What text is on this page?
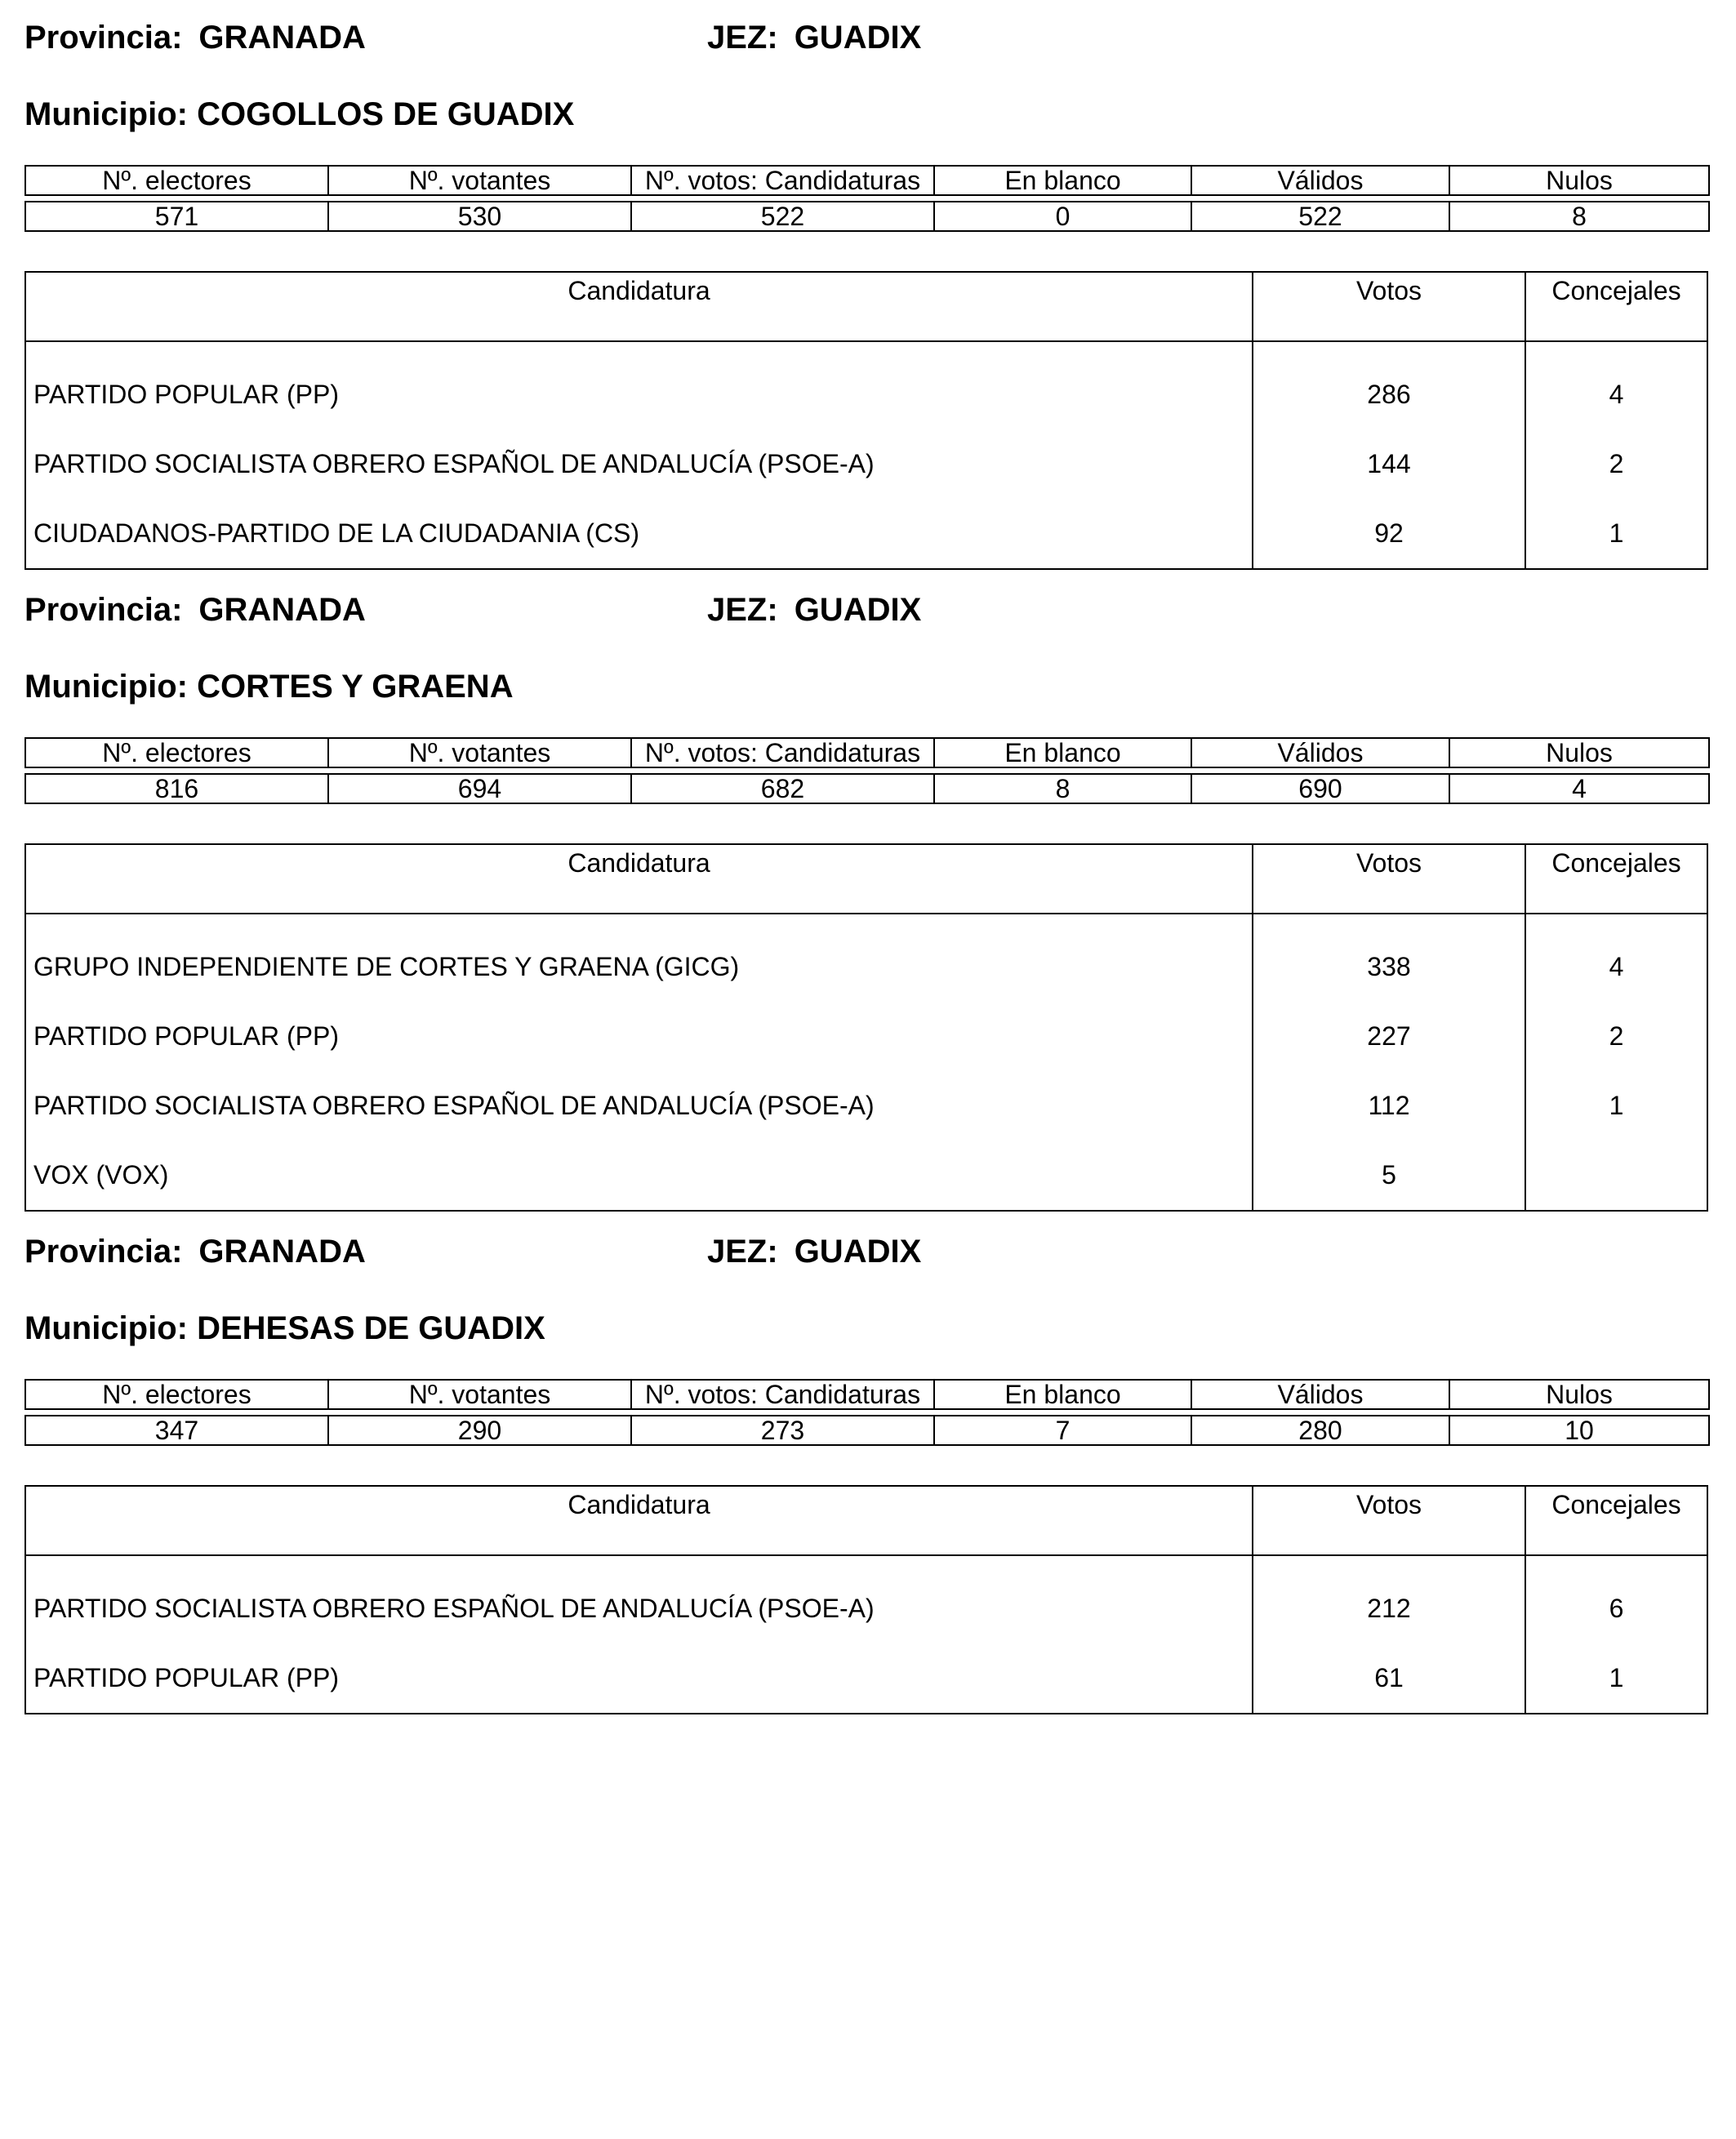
Provincia: GRANADA	JEZ: GUADIX
Municipio: COGOLLOS DE GUADIX
Nº. electores	Nº. votantes	Nº. votos: Candidaturas	En blanco	Válidos	Nulos

571	530	522	0	522	8
Candidatura	Votos	Concejales
PARTIDO POPULAR (PP)	286	4
PARTIDO SOCIALISTA OBRERO ESPAÑOL DE ANDALUCÍA (PSOE-A)	144	2
CIUDADANOS-PARTIDO DE LA CIUDADANIA (CS)	92	1
Provincia: GRANADA	JEZ: GUADIX
Municipio: CORTES Y GRAENA
Nº. electores	Nº. votantes	Nº. votos: Candidaturas	En blanco	Válidos	Nulos

816	694	682	8	690	4
Candidatura	Votos	Concejales
GRUPO INDEPENDIENTE DE CORTES Y GRAENA (GICG)	338	4
PARTIDO POPULAR (PP)	227	2
PARTIDO SOCIALISTA OBRERO ESPAÑOL DE ANDALUCÍA (PSOE-A)	112	1
VOX (VOX)	5	
Provincia: GRANADA	JEZ: GUADIX
Municipio: DEHESAS DE GUADIX
Nº. electores	Nº. votantes	Nº. votos: Candidaturas	En blanco	Válidos	Nulos

347	290	273	7	280	10
Candidatura	Votos	Concejales
PARTIDO SOCIALISTA OBRERO ESPAÑOL DE ANDALUCÍA (PSOE-A)	212	6
PARTIDO POPULAR (PP)	61	1
